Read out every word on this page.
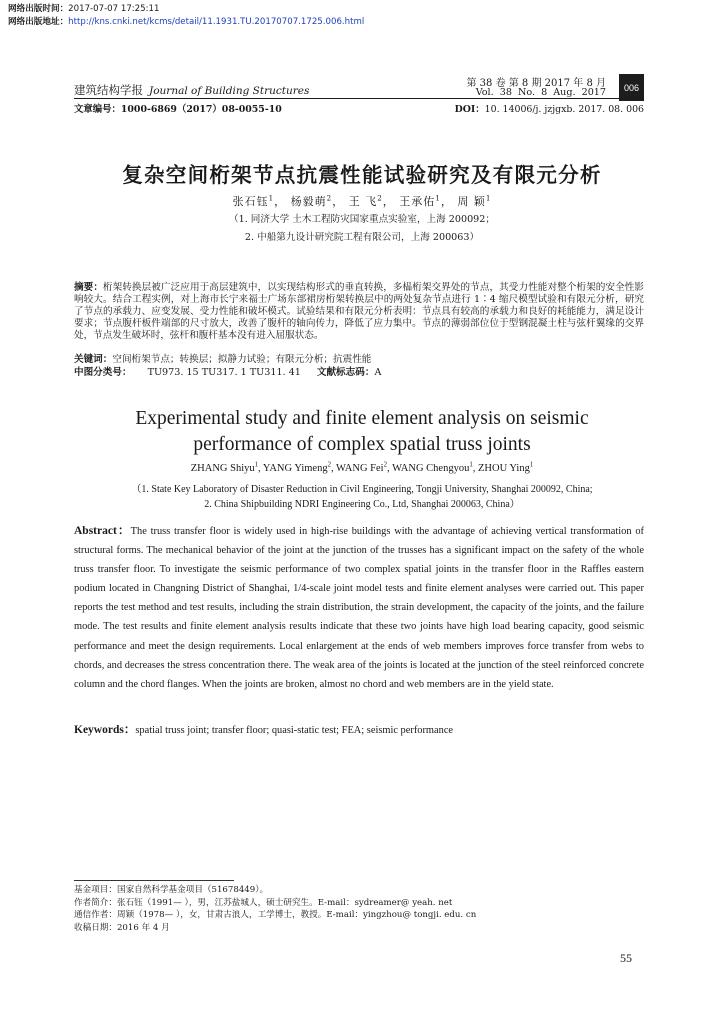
网络出版时间：2017-07-07 17:25:11
网络出版地址：http://kns.cnki.net/kcms/detail/11.1931.TU.20170707.1725.006.html
建筑结构学报 Journal of Building Structures
第 38 卷 第 8 期 2017 年 8 月
Vol. 38 No. 8 Aug. 2017	006
文章编号：1000-6869（2017）08-0055-10	DOI：10. 14006/j. jzjgxb. 2017. 08. 006
复杂空间桁架节点抗震性能试验研究及有限元分析
张石钰$^1$， 杨毅萌$^2$， 王 飞$^2$， 王承佑$^1$， 周 颖$^1$
（1. 同济大学 土木工程防灾国家重点实验室，上海 200092；
2. 中船第九设计研究院工程有限公司，上海 200063）
摘要：桁架转换层被广泛应用于高层建筑中，以实现结构形式的垂直转换，多榀桁架交界处的节点，其受力性能对整个桁架的安全性影响较大。结合工程实例，对上海市长宁来福士广场东部裙房桁架转换层中的两处复杂节点进行 1∶4 缩尺模型试验和有限元分析，研究了节点的承载力、应变发展、受力性能和破坏模式。试验结果和有限元分析表明：节点具有较高的承载力和良好的耗能能力，满足设计要求；节点腹杆板件端部的尺寸放大，改善了腹杆的轴向传力，降低了应力集中。节点的薄弱部位位于型钢混凝土柱与弦杆翼缘的交界处，节点发生破坏时，弦杆和腹杆基本没有进入屈服状态。
关键词：空间桁架节点；转换层；拟静力试验；有限元分析；抗震性能
中图分类号： TU973. 15 TU317. 1 TU311. 41 文献标志码：A
Experimental study and finite element analysis on seismic
performance of complex spatial truss joints
ZHANG Shiyu$^1$, YANG Yimeng$^2$, WANG Fei$^2$, WANG Chengyou$^1$, ZHOU Ying$^1$
（1. State Key Laboratory of Disaster Reduction in Civil Engineering, Tongji University, Shanghai 200092, China;
2. China Shipbuilding NDRI Engineering Co., Ltd, Shanghai 200063, China）
Abstract：The truss transfer floor is widely used in high-rise buildings with the advantage of achieving vertical transformation of structural forms. The mechanical behavior of the joint at the junction of the trusses has a significant impact on the safety of the whole truss transfer floor. To investigate the seismic performance of two complex spatial joints in the transfer floor in the Raffles eastern podium located in Changning District of Shanghai, 1/4-scale joint model tests and finite element analyses were carried out. This paper reports the test method and test results, including the strain distribution, the strain development, the capacity of the joints, and the failure mode. The test results and finite element analysis results indicate that these two joints have high load bearing capacity, good seismic performance and meet the design requirements. Local enlargement at the ends of web members improves force transfer from webs to chords, and decreases the stress concentration there. The weak area of the joints is located at the junction of the steel reinforced concrete column and the chord flanges. When the joints are broken, almost no chord and web members are in the yield state.
Keywords：spatial truss joint; transfer floor; quasi-static test; FEA; seismic performance
基金项目：国家自然科学基金项目（51678449）。
作者简介：张石钰（1991— ），男，江苏盐城人，硕士研究生。E-mail：sydreamer@ yeah. net
通信作者：周颖（1978— ），女，甘肃古浪人，工学博士，教授。E-mail：yingzhou@ tongji. edu. cn
收稿日期：2016 年 4 月
55
